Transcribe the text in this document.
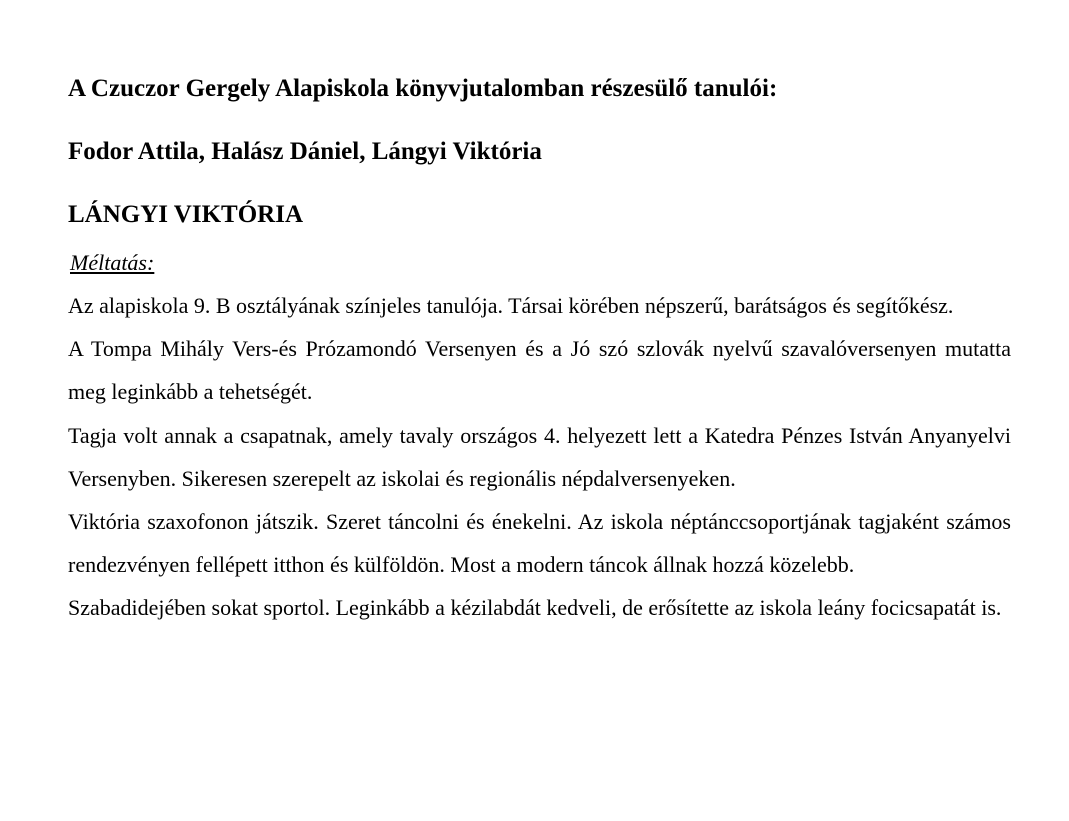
A Czuczor Gergely Alapiskola könyvjutalomban részesülő tanulói:
Fodor Attila, Halász Dániel, Lángyi Viktória
LÁNGYI VIKTÓRIA
Méltatás:

Az alapiskola 9. B osztályának színjeles tanulója. Társai körében népszerű, barátságos és segítőkész.

A Tompa Mihály Vers-és Prózamondó Versenyen és a Jó szó szlovák nyelvű szavalóversenyen mutatta meg leginkább a tehetségét.

Tagja volt annak a csapatnak, amely tavaly országos 4. helyezett lett a Katedra Pénzes István Anyanyelvi Versenyben. Sikeresen szerepelt az iskolai és regionális népdalversenyeken.

Viktória szaxofonon játszik. Szeret táncolni és énekelni. Az iskola néptánccsoportjának tagjaként számos rendezvényen fellépett itthon és külföldön. Most a modern táncok állnak hozzá közelebb.

Szabadidejében sokat sportol. Leginkább a kézilabdát kedveli, de erősítette az iskola leány focicsapatát is.
